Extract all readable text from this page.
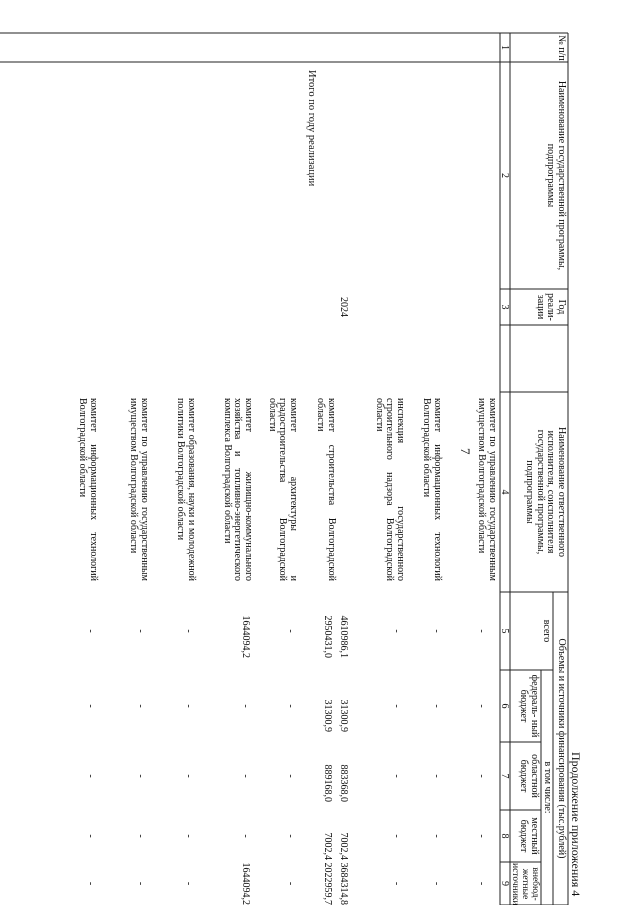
7
Продолжение приложения 4
№ п/п
Наименование государственной программы, подпрограммы
Год реали- зации
Наименование ответственного исполнителя, соисполнителя государственной программы, подпрограммы
Объемы и источники финансирования (тыс.рублей)
всего
в том числе:
федераль- ный бюджет
областной бюджет
местный бюджет
внебюд- жетные источники
1
2
3
4
5
6
7
8
9
Итого по году реализации
комитет по управлению государственным имуществом Волгоградской области
-
-
-
-
-
комитет информационных технологий Волгоградской области
-
-
-
-
-
инспекция государственного строительного надзора Волгоградской области
-
-
-
-
-
2024
4610986,1
31300,9
883368,0
7002,4
3684314,8
комитет строительства Волгоградской области
2950431,0
31300,9
889168,0
7002,4
2022959,7
комитет архитектуры и градостроительства Волгоградской области
-
-
-
-
-
комитет жилищно-коммунального хозяйства и топливно-энергетического комплекса Волгоградской области
1644094,2
-
-
-
1644094,2
комитет образования, науки и молодежной политики Волгоградской области
-
-
-
-
-
комитет по управлению государственным имуществом Волгоградской области
-
-
-
-
-
комитет информационных технологий Волгоградской области
-
-
-
-
-
